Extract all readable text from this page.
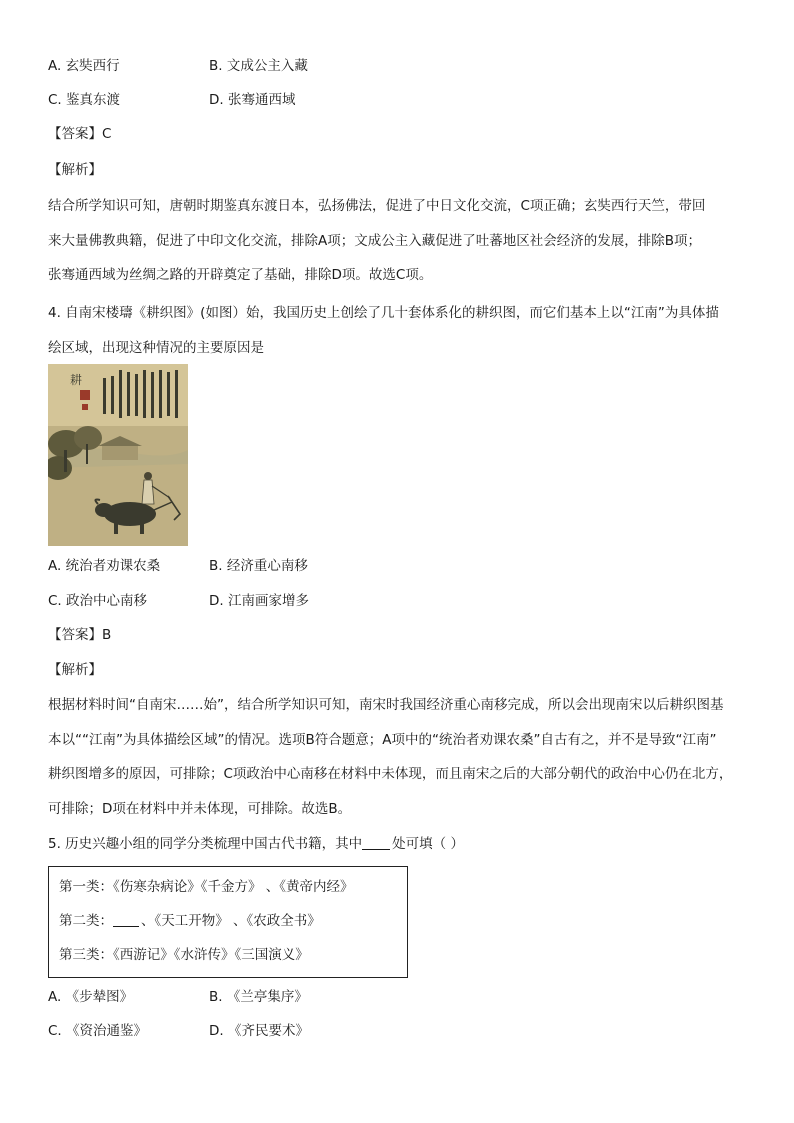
A. 玄奘西行	B. 文成公主入藏
C. 鉴真东渡	D. 张骞通西域
【答案】C
【解析】

结合所学知识可知，唐朝时期鉴真东渡日本，弘扬佛法，促进了中日文化交流，C项正确；玄奘西行天竺，带回

来大量佛教典籍，促进了中印文化交流，排除A项；文成公主入藏促进了吐蕃地区社会经济的发展，排除B项；

张骞通西域为丝绸之路的开辟奠定了基础，排除D项。故选C项。

4. 自南宋楼璹《耕织图》(如图）始，我国历史上创绘了几十套体系化的耕织图，而它们基本上以“江南”为具体描

绘区域，出现这种情况的主要原因是

耕
A. 统治者劝课农桑	B. 经济重心南移
C. 政治中心南移	D. 江南画家增多
【答案】B
【解析】

根据材料时间“自南宋……始”，结合所学知识可知，南宋时我国经济重心南移完成，所以会出现南宋以后耕织图基

本以““江南”为具体描绘区域”的情况。选项B符合题意；A项中的“统治者劝课农桑”自古有之，并不是导致“江南”

耕织图增多的原因，可排除；C项政治中心南移在材料中未体现，而且南宋之后的大部分朝代的政治中心仍在北方，

可排除；D项在材料中并未体现，可排除。故选B。

5. 历史兴趣小组的同学分类梳理中国古代书籍，其中 处可填（ ）
第一类：《伤寒杂病论》《千金方》 、《黄帝内经》
第二类： 、《天工开物》 、《农政全书》
第三类：《西游记》《水浒传》《三国演义》
A. 《步辇图》	B. 《兰亭集序》
C. 《资治通鉴》	D. 《齐民要术》
